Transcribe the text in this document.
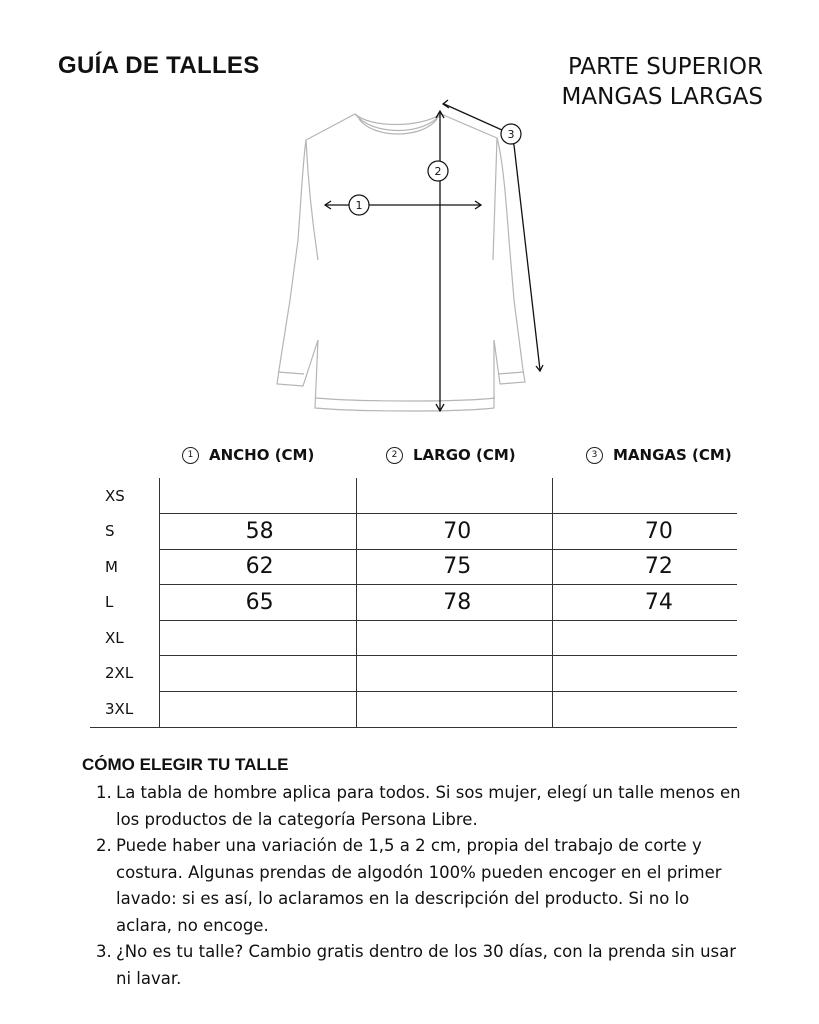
GUÍA DE TALLES	PARTE SUPERIOR
MANGAS LARGAS
1
2
3
1	ANCHO (CM)	2	LARGO (CM)	3	MANGAS (CM)
XS			
S	58	70	70
M	62	75	72
L	65	78	74
XL			
2XL			
3XL			
CÓMO ELEGIR TU TALLE
1. La tabla de hombre aplica para todos. Si sos mujer, elegí un talle menos en los productos de la categoría Persona Libre.
2. Puede haber una variación de 1,5 a 2 cm, propia del trabajo de corte y costura. Algunas prendas de algodón 100% pueden encoger en el primer lavado: si es así, lo aclaramos en la descripción del producto. Si no lo aclara, no encoge.
3. ¿No es tu talle? Cambio gratis dentro de los 30 días, con la prenda sin usar ni lavar.
